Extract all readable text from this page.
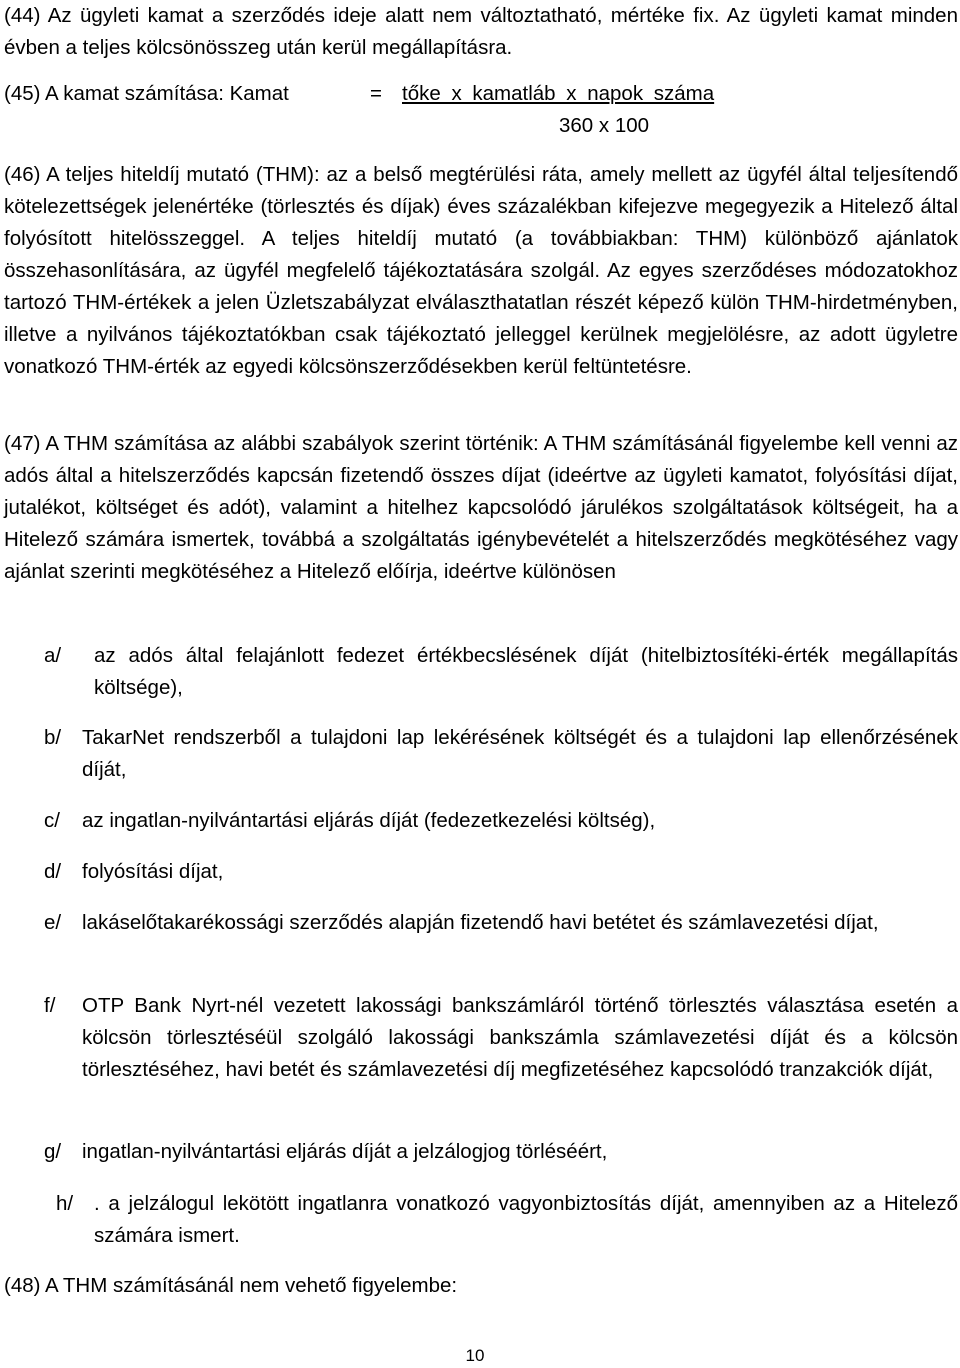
(44) Az ügyleti kamat a szerződés ideje alatt nem változtatható, mértéke fix. Az ügyleti kamat minden évben a teljes kölcsönösszeg után kerül megállapításra.

(45) A kamat számítása: Kamat	= tőke x kamatláb x napok száma
360 x 100

(46) A teljes hiteldíj mutató (THM): az a belső megtérülési ráta, amely mellett az ügyfél által teljesítendő kötelezettségek jelenértéke (törlesztés és díjak) éves százalékban kifejezve megegyezik a Hitelező által folyósított hitelösszeggel. A teljes hiteldíj mutató (a továbbiakban: THM) különböző ajánlatok összehasonlítására, az ügyfél megfelelő tájékoztatására szolgál. Az egyes szerződéses módozatokhoz tartozó THM-értékek a jelen Üzletszabályzat elválaszthatatlan részét képező külön THM-hirdetményben, illetve a nyilvános tájékoztatókban csak tájékoztató jelleggel kerülnek megjelölésre, az adott ügyletre vonatkozó THM-érték az egyedi kölcsönszerződésekben kerül feltüntetésre.

(47) A THM számítása az alábbi szabályok szerint történik: A THM számításánál figyelembe kell venni az adós által a hitelszerződés kapcsán fizetendő összes díjat (ideértve az ügyleti kamatot, folyósítási díjat, jutalékot, költséget és adót), valamint a hitelhez kapcsolódó járulékos szolgáltatások költségeit, ha a Hitelező számára ismertek, továbbá a szolgáltatás igénybevételét a hitelszerződés megkötéséhez vagy ajánlat szerinti megkötéséhez a Hitelező előírja, ideértve különösen

a/ az adós által felajánlott fedezet értékbecslésének díját (hitelbiztosítéki-érték megállapítás költsége),
b/ TakarNet rendszerből a tulajdoni lap lekérésének költségét és a tulajdoni lap ellenőrzésének díját,
c/ az ingatlan-nyilvántartási eljárás díját (fedezetkezelési költség),
d/ folyósítási díjat,
e/ lakáselőtakarékossági szerződés alapján fizetendő havi betétet és számlavezetési díjat,
f/ OTP Bank Nyrt-nél vezetett lakossági bankszámláról történő törlesztés választása esetén a kölcsön törlesztéséül szolgáló lakossági bankszámla számlavezetési díját és a kölcsön törlesztéséhez, havi betét és számlavezetési díj megfizetéséhez kapcsolódó tranzakciók díját,
g/ ingatlan-nyilvántartási eljárás díját a jelzálogjog törléséért,
h/ . a jelzálogul lekötött ingatlanra vonatkozó vagyonbiztosítás díját, amennyiben az a Hitelező számára ismert.

(48) A THM számításánál nem vehető figyelembe:

10
